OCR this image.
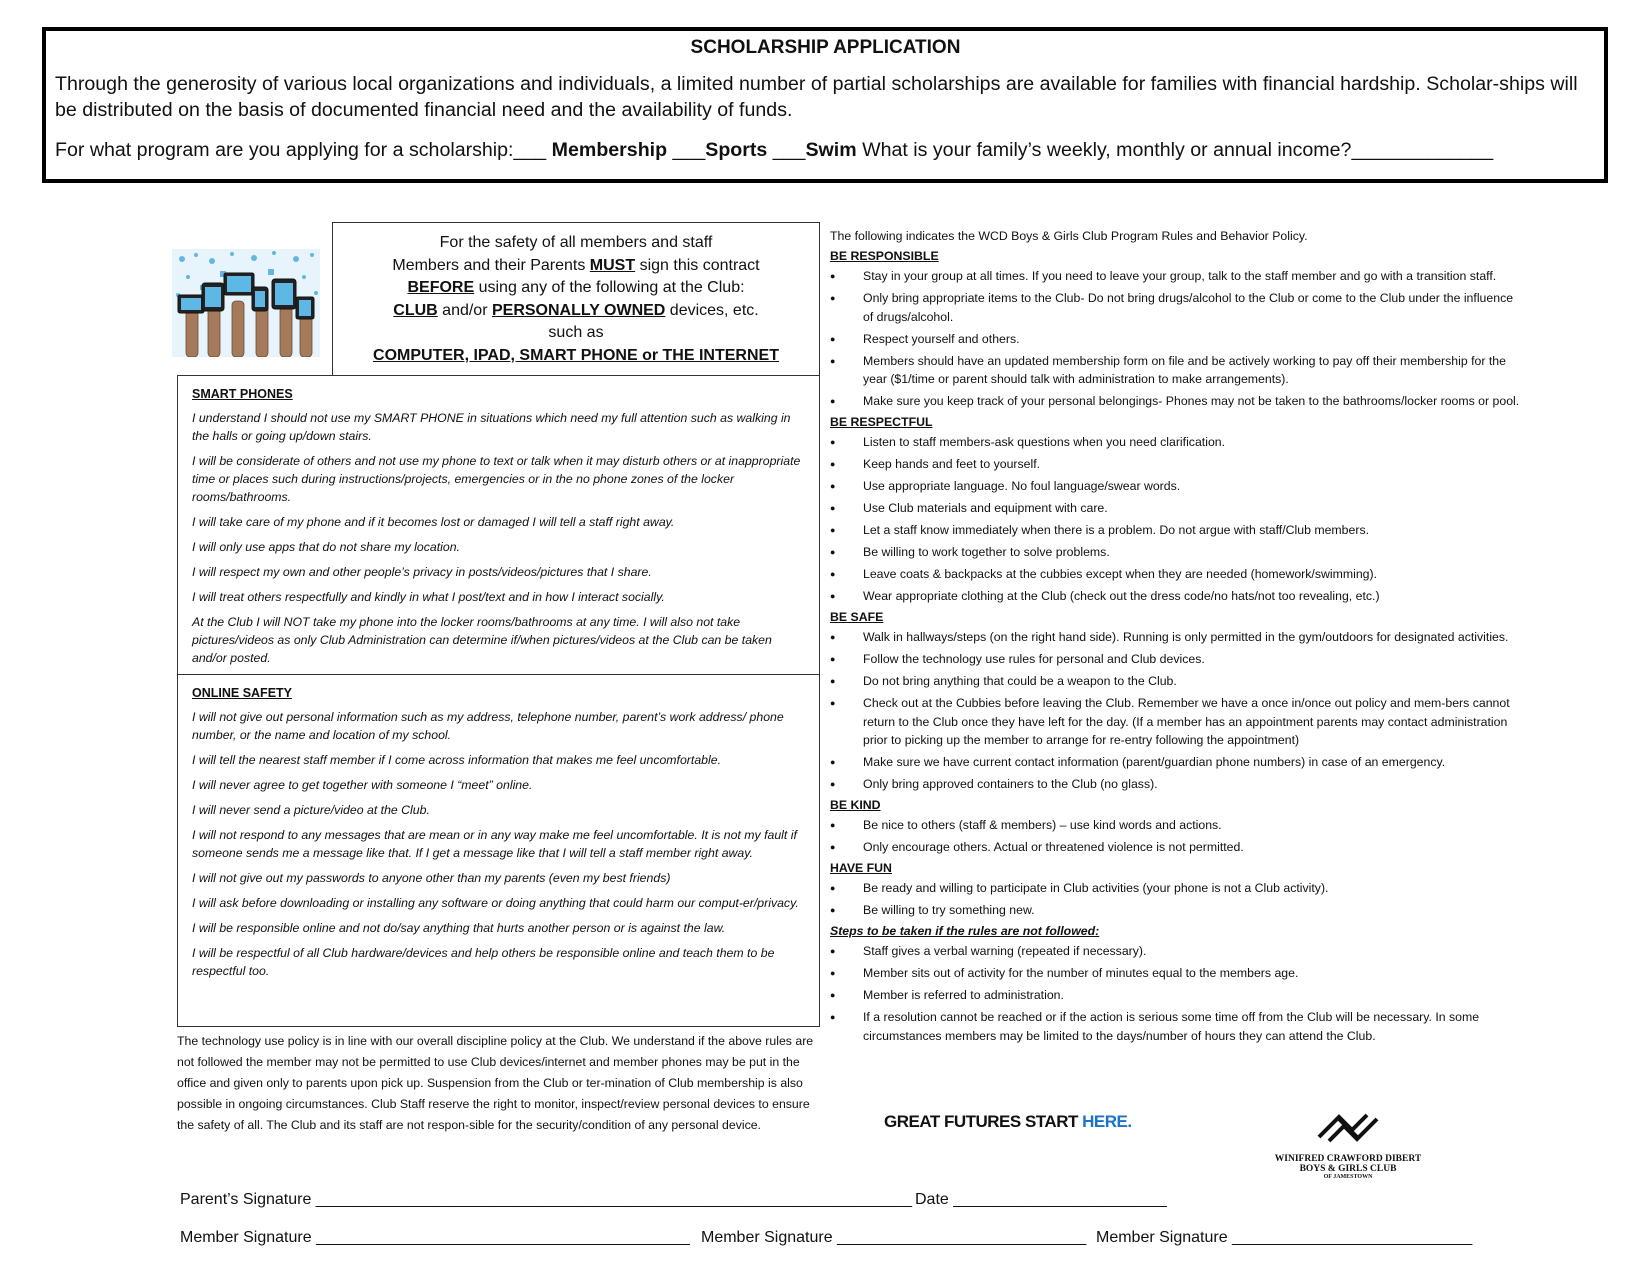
SCHOLARSHIP APPLICATION

Through the generosity of various local organizations and individuals, a limited number of partial scholarships are available for families with financial hardship. Scholar-ships will be distributed on the basis of documented financial need and the availability of funds.

For what program are you applying for a scholarship:___ Membership ___Sports ___Swim What is your family’s weekly, monthly or annual income?_____________

For the safety of all members and staff
Members and their Parents MUST sign this contract
BEFORE using any of the following at the Club:
CLUB and/or PERSONALLY OWNED devices, etc.
such as
COMPUTER, IPAD, SMART PHONE or THE INTERNET
SMART PHONES

I understand I should not use my SMART PHONE in situations which need my full attention such as walking in the halls or going up/down stairs.

I will be considerate of others and not use my phone to text or talk when it may disturb others or at inappropriate time or places such during instructions/projects, emergencies or in the no phone zones of the locker rooms/bathrooms.

I will take care of my phone and if it becomes lost or damaged I will tell a staff right away.

I will only use apps that do not share my location.

I will respect my own and other people’s privacy in posts/videos/pictures that I share.

I will treat others respectfully and kindly in what I post/text and in how I interact socially.

At the Club I will NOT take my phone into the locker rooms/bathrooms at any time. I will also not take pictures/videos as only Club Administration can determine if/when pictures/videos at the Club can be taken and/or posted.

ONLINE SAFETY

I will not give out personal information such as my address, telephone number, parent’s work address/ phone number, or the name and location of my school.

I will tell the nearest staff member if I come across information that makes me feel uncomfortable.

I will never agree to get together with someone I “meet” online.

I will never send a picture/video at the Club.

I will not respond to any messages that are mean or in any way make me feel uncomfortable. It is not my fault if someone sends me a message like that. If I get a message like that I will tell a staff member right away.

I will not give out my passwords to anyone other than my parents (even my best friends)

I will ask before downloading or installing any software or doing anything that could harm our comput-er/privacy.

I will be responsible online and not do/say anything that hurts another person or is against the law.

I will be respectful of all Club hardware/devices and help others be responsible online and teach them to be respectful too.

The technology use policy is in line with our overall discipline policy at the Club. We understand if the above rules are not followed the member may not be permitted to use Club devices/internet and member phones may be put in the office and given only to parents upon pick up. Suspension from the Club or ter-mination of Club membership is also possible in ongoing circumstances. Club Staff reserve the right to monitor, inspect/review personal devices to ensure the safety of all. The Club and its staff are not respon-sible for the security/condition of any personal device.

The following indicates the WCD Boys & Girls Club Program Rules and Behavior Policy.

BE RESPONSIBLE
● Stay in your group at all times. If you need to leave your group, talk to the staff member and go with a transition staff.
● Only bring appropriate items to the Club- Do not bring drugs/alcohol to the Club or come to the Club under the influence of drugs/alcohol.
● Respect yourself and others.
● Members should have an updated membership form on file and be actively working to pay off their membership for the year ($1/time or parent should talk with administration to make arrangements).
● Make sure you keep track of your personal belongings- Phones may not be taken to the bathrooms/locker rooms or pool.
BE RESPECTFUL
● Listen to staff members-ask questions when you need clarification.
● Keep hands and feet to yourself.
● Use appropriate language. No foul language/swear words.
● Use Club materials and equipment with care.
● Let a staff know immediately when there is a problem. Do not argue with staff/Club members.
● Be willing to work together to solve problems.
● Leave coats & backpacks at the cubbies except when they are needed (homework/swimming).
● Wear appropriate clothing at the Club (check out the dress code/no hats/not too revealing, etc.)
BE SAFE
● Walk in hallways/steps (on the right hand side). Running is only permitted in the gym/outdoors for designated activities.
● Follow the technology use rules for personal and Club devices.
● Do not bring anything that could be a weapon to the Club.
● Check out at the Cubbies before leaving the Club. Remember we have a once in/once out policy and mem-bers cannot return to the Club once they have left for the day. (If a member has an appointment parents may contact administration prior to picking up the member to arrange for re-entry following the appointment)
● Make sure we have current contact information (parent/guardian phone numbers) in case of an emergency.
● Only bring approved containers to the Club (no glass).
BE KIND
● Be nice to others (staff & members) – use kind words and actions.
● Only encourage others. Actual or threatened violence is not permitted.
HAVE FUN
● Be ready and willing to participate in Club activities (your phone is not a Club activity).
● Be willing to try something new.
Steps to be taken if the rules are not followed:
● Staff gives a verbal warning (repeated if necessary).
● Member sits out of activity for the number of minutes equal to the members age.
● Member is referred to administration.
● If a resolution cannot be reached or if the action is serious some time off from the Club will be necessary. In some circumstances members may be limited to the days/number of hours they can attend the Club.

GREAT FUTURES START HERE.

WINIFRED CRAWFORD DIBERT

BOYS & GIRLS CLUB

OF JAMESTOWN

Parent’s Signature ___________________________________________________________________ Date ________________________

Member Signature __________________________________________ Member Signature ____________________________ Member Signature ___________________________
